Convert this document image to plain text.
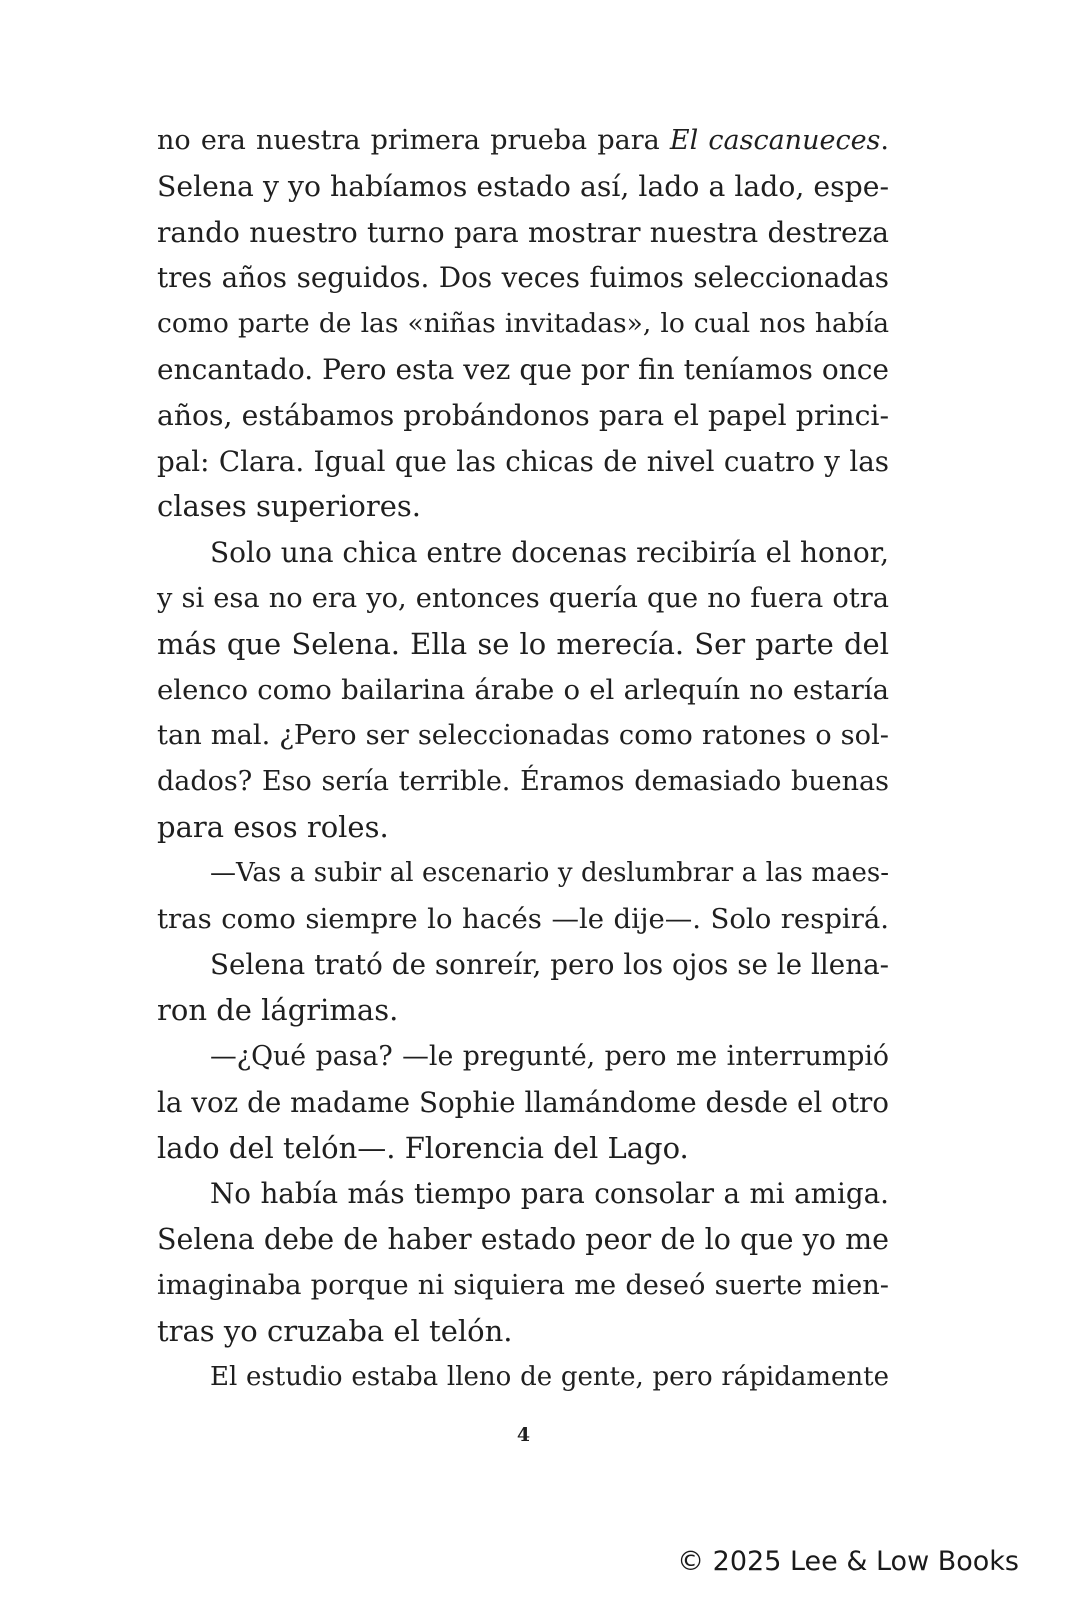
no era nuestra primera prueba para El cascanueces.
Selena y yo habíamos estado así, lado a lado, espe-
rando nuestro turno para mostrar nuestra destreza
tres años seguidos. Dos veces fuimos seleccionadas
como parte de las «niñas invitadas», lo cual nos había
encantado. Pero esta vez que por fin teníamos once
años, estábamos probándonos para el papel princi-
pal: Clara. Igual que las chicas de nivel cuatro y las
clases superiores.
Solo una chica entre docenas recibiría el honor,
y si esa no era yo, entonces quería que no fuera otra
más que Selena. Ella se lo merecía. Ser parte del
elenco como bailarina árabe o el arlequín no estaría
tan mal. ¿Pero ser seleccionadas como ratones o sol-
dados? Eso sería terrible. Éramos demasiado buenas
para esos roles.
—Vas a subir al escenario y deslumbrar a las maes-
tras como siempre lo hacés —le dije—. Solo respirá.
Selena trató de sonreír, pero los ojos se le llena-
ron de lágrimas.
—¿Qué pasa? —le pregunté, pero me interrumpió
la voz de madame Sophie llamándome desde el otro
lado del telón—. Florencia del Lago.
No había más tiempo para consolar a mi amiga.
Selena debe de haber estado peor de lo que yo me
imaginaba porque ni siquiera me deseó suerte mien-
tras yo cruzaba el telón.
El estudio estaba lleno de gente, pero rápidamente
4
© 2025 Lee & Low Books
